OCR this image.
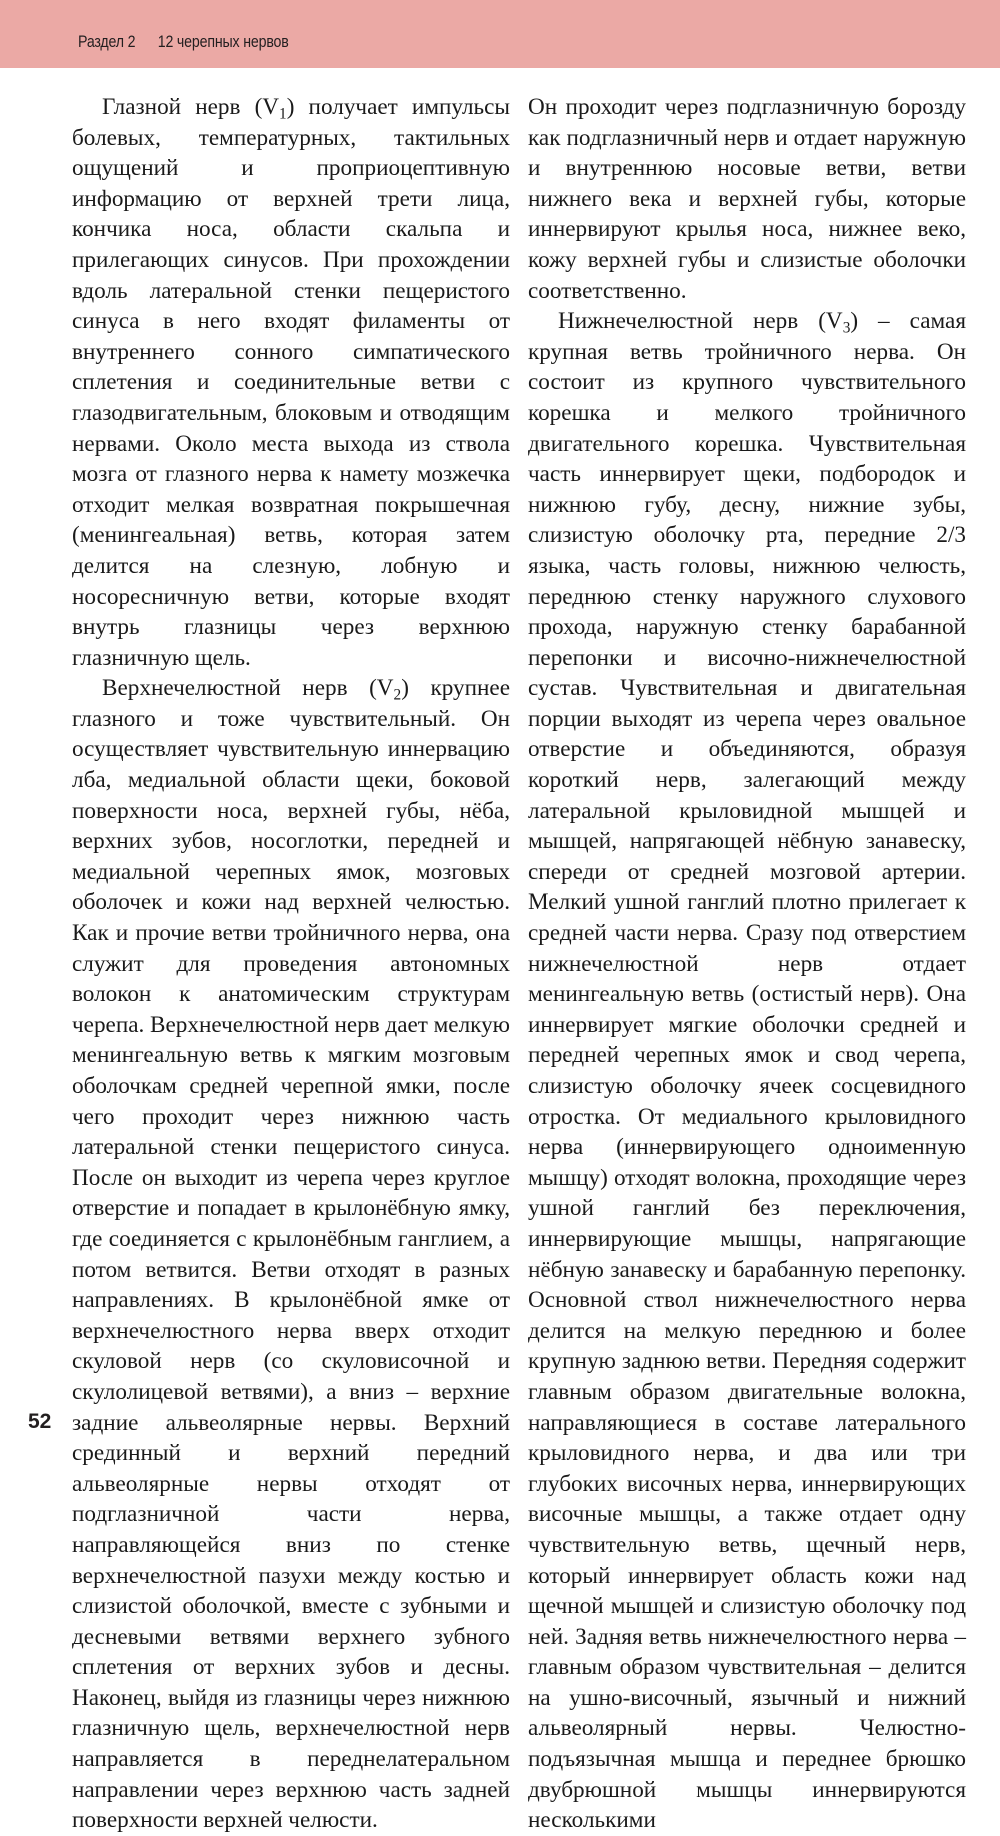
Раздел 2 12 черепных нервов

Глазной нерв $(V_1)$ получает импульсы болевых, температурных, тактильных ощущений и проприоцептивную информацию от верхней трети лица, кончика носа, области скальпа и прилегающих синусов. При прохождении вдоль латеральной стенки пещеристого синуса в него входят филаменты от внутреннего сонного симпатического сплетения и соединительные ветви с глазодвигательным, блоковым и отводящим нервами. Около места выхода из ствола мозга от глазного нерва к намету мозжечка отходит мелкая возвратная покрышечная (менингеальная) ветвь, которая затем делится на слезную, лобную и носоресничную ветви, которые входят внутрь глазницы через верхнюю глазничную щель.

Верхнечелюстной нерв $(V_2)$ крупнее глазного и тоже чувствительный. Он осуществляет чувствительную иннервацию лба, медиальной области щеки, боковой поверхности носа, верхней губы, нёба, верхних зубов, носоглотки, передней и медиальной черепных ямок, мозговых оболочек и кожи над верхней челюстью. Как и прочие ветви тройничного нерва, она служит для проведения автономных волокон к анатомическим структурам черепа. Верхнечелюстной нерв дает мелкую менингеальную ветвь к мягким мозговым оболочкам средней черепной ямки, после чего проходит через нижнюю часть латеральной стенки пещеристого синуса. После он выходит из черепа через круглое отверстие и попадает в крылонёбную ямку, где соединяется с крылонёбным ганглием, а потом ветвится. Ветви отходят в разных направлениях. В крылонёбной ямке от верхнечелюстного нерва вверх отходит скуловой нерв (со скуловисочной и скулолицевой ветвями), а вниз – верхние задние альвеолярные нервы. Верхний срединный и верхний передний альвеолярные нервы отходят от подглазничной части нерва, направляющейся вниз по стенке верхнечелюстной пазухи между костью и слизистой оболочкой, вместе с зубными и десневыми ветвями верхнего зубного сплетения от верхних зубов и десны. Наконец, выйдя из глазницы через нижнюю глазничную щель, верхнечелюстной нерв направляется в переднелатеральном направлении через верхнюю часть задней поверхности верхней челюсти.

Он проходит через подглазничную борозду как подглазничный нерв и отдает наружную и внутреннюю носовые ветви, ветви нижнего века и верхней губы, которые иннервируют крылья носа, нижнее веко, кожу верхней губы и слизистые оболочки соответственно.

Нижнечелюстной нерв $(V_3)$ – самая крупная ветвь тройничного нерва. Он состоит из крупного чувствительного корешка и мелкого тройничного двигательного корешка. Чувствительная часть иннервирует щеки, подбородок и нижнюю губу, десну, нижние зубы, слизистую оболочку рта, передние 2/3 языка, часть головы, нижнюю челюсть, переднюю стенку наружного слухового прохода, наружную стенку барабанной перепонки и височно-нижнечелюстной сустав. Чувствительная и двигательная порции выходят из черепа через овальное отверстие и объединяются, образуя короткий нерв, залегающий между латеральной крыловидной мышцей и мышцей, напрягающей нёбную занавеску, спереди от средней мозговой артерии. Мелкий ушной ганглий плотно прилегает к средней части нерва. Сразу под отверстием нижнечелюстной нерв отдает менингеальную ветвь (остистый нерв). Она иннервирует мягкие оболочки средней и передней черепных ямок и свод черепа, слизистую оболочку ячеек сосцевидного отростка. От медиального крыловидного нерва (иннервирующего одноименную мышцу) отходят волокна, проходящие через ушной ганглий без переключения, иннервирующие мышцы, напрягающие нёбную занавеску и барабанную перепонку. Основной ствол нижнечелюстного нерва делится на мелкую переднюю и более крупную заднюю ветви. Передняя содержит главным образом двигательные волокна, направляющиеся в составе латерального крыловидного нерва, и два или три глубоких височных нерва, иннервирующих височные мышцы, а также отдает одну чувствительную ветвь, щечный нерв, который иннервирует область кожи над щечной мышцей и слизистую оболочку под ней. Задняя ветвь нижнечелюстного нерва – главным образом чувствительная – делится на ушно-височный, язычный и нижний альвеолярный нервы. Челюстно-подъязычная мышца и переднее брюшко двубрюшной мышцы иннервируются несколькими

52
